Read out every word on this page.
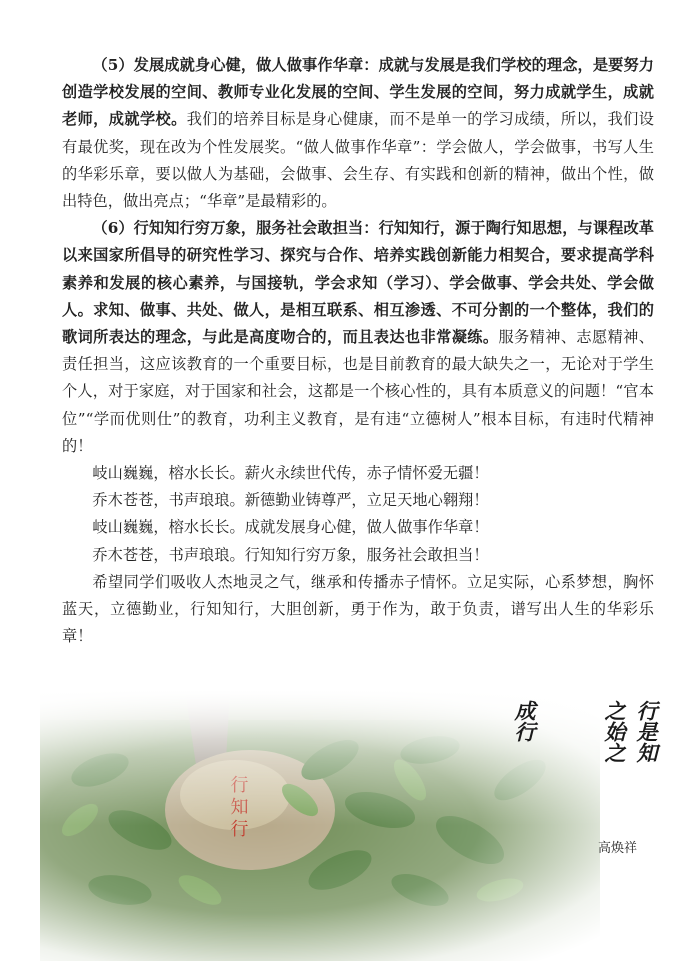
（5）发展成就身心健，做人做事作华章：成就与发展是我们学校的理念，是要努力创造学校发展的空间、教师专业化发展的空间、学生发展的空间，努力成就学生，成就老师，成就学校。我们的培养目标是身心健康，而不是单一的学习成绩，所以，我们设有最优奖，现在改为个性发展奖。“做人做事作华章”：学会做人，学会做事，书写人生的华彩乐章，要以做人为基础，会做事、会生存、有实践和创新的精神，做出个性，做出特色，做出亮点；“华章”是最精彩的。

（6）行知知行穷万象，服务社会敢担当：行知知行，源于陶行知思想，与课程改革以来国家所倡导的研究性学习、探究与合作、培养实践创新能力相契合，要求提高学科素养和发展的核心素养，与国接轨，学会求知（学习）、学会做事、学会共处、学会做人。求知、做事、共处、做人，是相互联系、相互渗透、不可分割的一个整体，我们的歌词所表达的理念，与此是高度吻合的，而且表达也非常凝练。服务精神、志愿精神、责任担当，这应该教育的一个重要目标，也是目前教育的最大缺失之一，无论对于学生个人，对于家庭，对于国家和社会，这都是一个核心性的，具有本质意义的问题！“官本位”“学而优则仕”的教育，功利主义教育，是有违“立德树人”根本目标，有违时代精神的！

岐山巍巍，榕水长长。薪火永续世代传，赤子情怀爱无疆！

乔木苍苍，书声琅琅。新德勤业铸尊严，立足天地心翱翔！

岐山巍巍，榕水长长。成就发展身心健，做人做事作华章！

乔木苍苍，书声琅琅。行知知行穷万象，服务社会敢担当！

希望同学们吸收人杰地灵之气，继承和传播赤子情怀。立足实际，心系梦想，胸怀蓝天，立德勤业，行知知行，大胆创新，勇于作为，敢于负责，谱写出人生的华彩乐章！

行是知
之始之
成行
高焕祥
